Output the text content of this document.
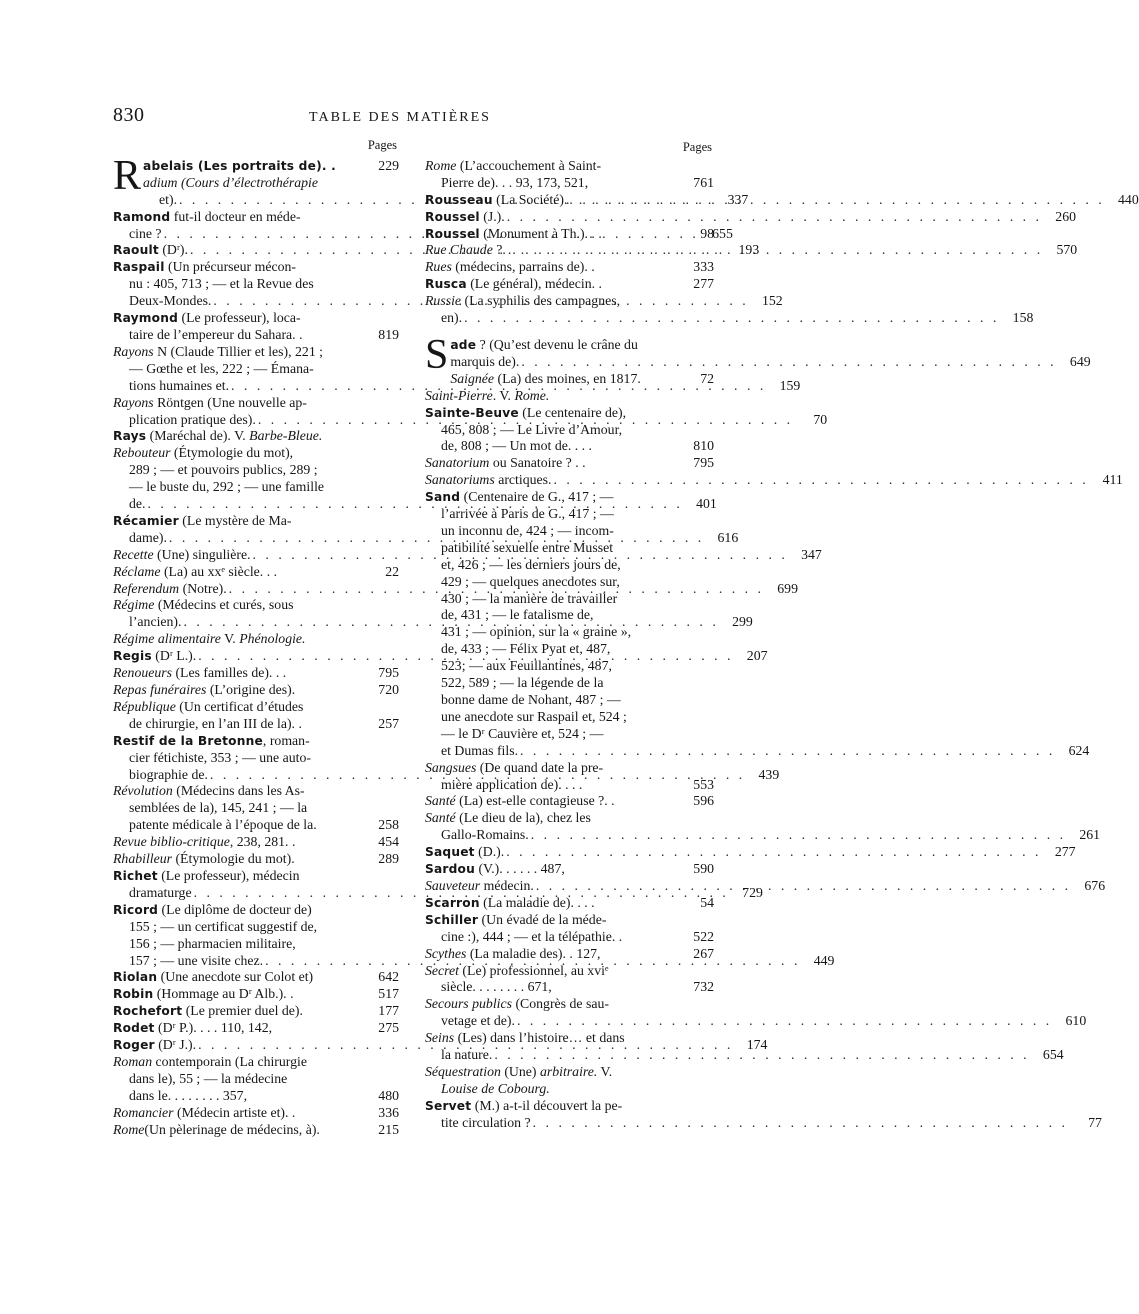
830	TABLE DES MATIÈRES
Pages
R abelais (Les portraits de). .	229
adium (Cours d’électrothérapie
et). . . .	337
Ramond fut-il docteur en méde-
cine ? . . .	655
Raoult (Dʳ). . . .	193
Raspail (Un précurseur mécon-
nu : 405, 713 ; — et la Revue des
Deux-Mondes. . . .	152
Raymond (Le professeur), loca-
taire de l’empereur du Sahara. .	819
Rayons N (Claude Tillier et les), 221 ;
— Gœthe et les, 222 ; — Émana-
tions humaines et. . . .	159
Rayons Röntgen (Une nouvelle ap-
plication pratique des). . . .	70
Rays (Maréchal de). V. Barbe-Bleue.
Rebouteur (Étymologie du mot),
289 ; — et pouvoirs publics, 289 ;
— le buste du, 292 ; — une famille
de. . . .	401
Récamier (Le mystère de Ma-
dame). . . .	616
Recette (Une) singulière. . . .	347
Réclame (La) au xxᵉ siècle. . .	22
Referendum (Notre). . . .	699
Régime (Médecins et curés, sous
l’ancien). . . .	299
Régime alimentaire V. Phénologie.
Regis (Dʳ L.). . . .	207
Renoueurs (Les familles de). . .	795
Repas funéraires (L’origine des).	720
République (Un certificat d’études
de chirurgie, en l’an III de la). .	257
Restif de la Bretonne, roman-
cier fétichiste, 353 ; — une auto-
biographie de. . . .	439
Révolution (Médecins dans les As-
semblées de la), 145, 241 ; — la
patente médicale à l’époque de la.	258
Revue biblio-critique, 238, 281. .	454
Rhabilleur (Étymologie du mot).	289
Richet (Le professeur), médecin
dramaturge . . .	729
Ricord (Le diplôme de docteur de)
155 ; — un certificat suggestif de,
156 ; — pharmacien militaire,
157 ; — une visite chez. . . .	449
Riolan (Une anecdote sur Colot et)	642
Robin (Hommage au Dʳ Alb.). .	517
Rochefort (Le premier duel de).	177
Rodet (Dʳ P.). . . . 110, 142,	275
Roger (Dʳ J.). . . .	174
Roman contemporain (La chirurgie
dans le), 55 ; — la médecine
dans le. . . . . . . . 357,	480
Romancier (Médecin artiste et). .	336
Rome(Un pèlerinage de médecins, à).	215
Pages
Rome (L’accouchement à Saint-
Pierre de). . . 93, 173, 521,	761
Rousseau (La Société). . . .	440
Roussel (J.). . . .	260
Roussel (Monument à Th.). . .	98
Rue Chaude ?. . . .	570
Rues (médecins, parrains de). .	333
Rusca (Le général), médecin. .	277
Russie (La syphilis des campagnes,
en). . . .	158
S ade ? (Qu’est devenu le crâne du
marquis de). . . .	649
Saignée (La) des moines, en 1817.	72
Saint-Pierre. V. Rome.
Sainte-Beuve (Le centenaire de),
465, 808 ; — Le Livre d’Amour,
de, 808 ; — Un mot de. . . .	810
Sanatorium ou Sanatoire ? . .	795
Sanatoriums arctiques. . . .	411
Sand (Centenaire de G., 417 ; —
l’arrivée à Paris de G., 417 ; —
un inconnu de, 424 ; — incom-
patibilité sexuelle entre Musset
et, 426 ; — les derniers jours de,
429 ; — quelques anecdotes sur,
430 ; — la manière de travailler
de, 431 ; — le fatalisme de,
431 ; — opinion, sur la « graine »,
de, 433 ; — Félix Pyat et, 487,
523; — aux Feuillantines, 487,
522, 589 ; — la légende de la
bonne dame de Nohant, 487 ; —
une anecdote sur Raspail et, 524 ;
— le Dʳ Cauvière et, 524 ; —
et Dumas fils. . . .	624
Sangsues (De quand date la pre-
mière application de). . . .	553
Santé (La) est-elle contagieuse ?. .	596
Santé (Le dieu de la), chez les
Gallo-Romains. . . .	261
Saquet (D.). . . .	277
Sardou (V.). . . . . . 487,	590
Sauveteur médecin. . . .	676
Scarron (La maladie de). . . .	54
Schiller (Un évadé de la méde-
cine :), 444 ; — et la télépathie. .	522
Scythes (La maladie des). . 127,	267
Secret (Le) professionnel, au xviᵉ
siècle. . . . . . . . 671,	732
Secours publics (Congrès de sau-
vetage et de). . . .	610
Seins (Les) dans l’histoire… et dans
la nature. . . .	654
Séquestration (Une) arbitraire. V.
Louise de Cobourg.
Servet (M.) a-t-il découvert la pe-
tite circulation ? . . .	77
